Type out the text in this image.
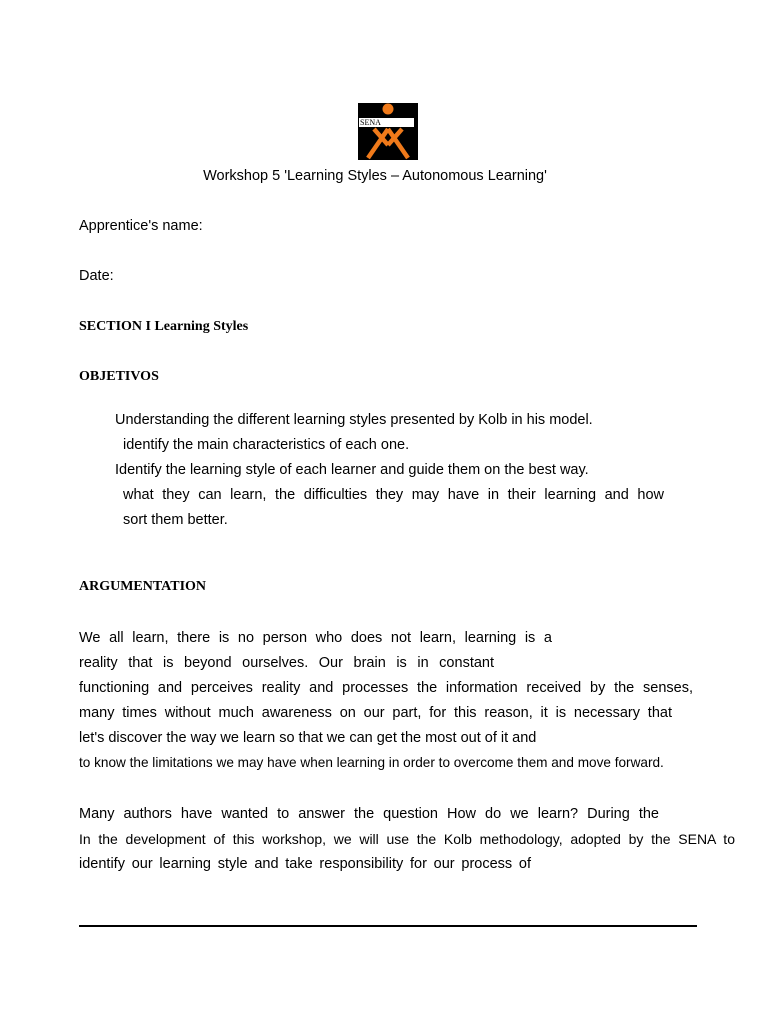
SENA
Workshop 5 'Learning Styles – Autonomous Learning'
Apprentice's name:
Date:
SECTION I Learning Styles
OBJETIVOS
Understanding the different learning styles presented by Kolb in his model.
identify the main characteristics of each one.
Identify the learning style of each learner and guide them on the best way.
what they can learn, the difficulties they may have in their learning and how
sort them better.
ARGUMENTATION
We all learn, there is no person who does not learn, learning is a
reality that is beyond ourselves. Our brain is in constant
functioning and perceives reality and processes the information received by the senses,
many times without much awareness on our part, for this reason, it is necessary that
let's discover the way we learn so that we can get the most out of it and
to know the limitations we may have when learning in order to overcome them and move forward.
Many authors have wanted to answer the question How do we learn? During the
In the development of this workshop, we will use the Kolb methodology, adopted by the SENA to
identify our learning style and take responsibility for our process of
